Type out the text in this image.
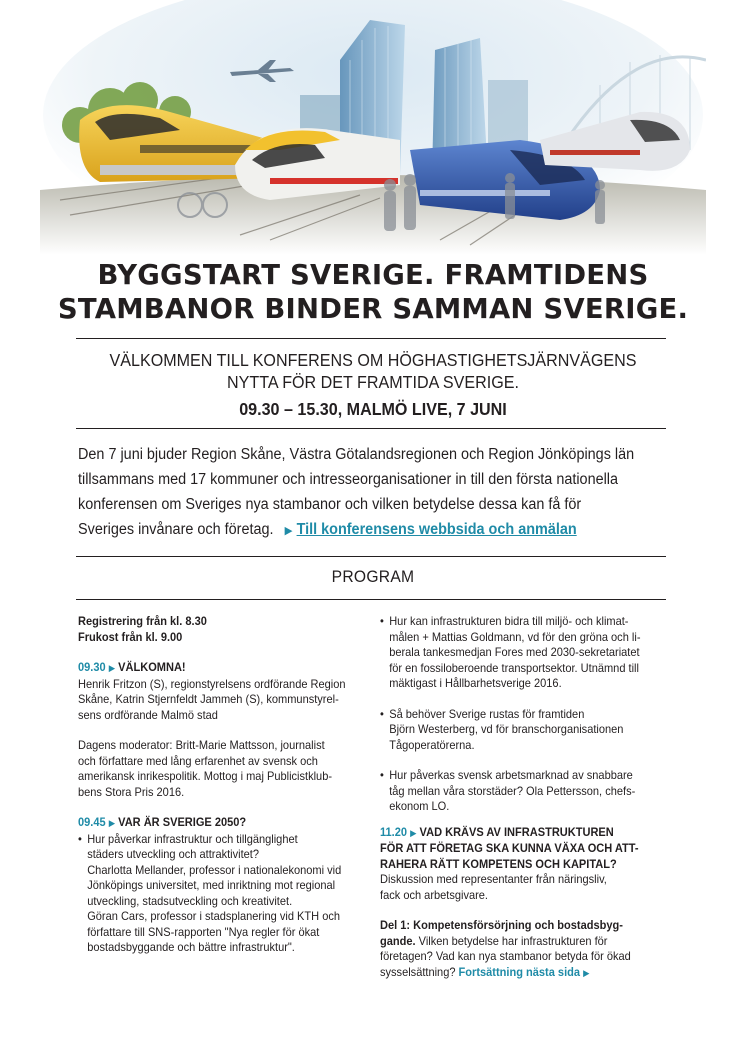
BYGGSTART SVERIGE. FRAMTIDENS
STAMBANOR BINDER SAMMAN SVERIGE.
VÄLKOMMEN TILL KONFERENS OM HÖGHASTIGHETSJÄRNVÄGENS
NYTTA FÖR DET FRAMTIDA SVERIGE.
09.30 – 15.30, MALMÖ LIVE, 7 JUNI
Den 7 juni bjuder Region Skåne, Västra Götalandsregionen och Region Jönköpings län
tillsammans med 17 kommuner och intresseorganisationer in till den första nationella
konferensen om Sveriges nya stambanor och vilken betydelse dessa kan få för
Sveriges invånare och företag. ▶ Till konferensens webbsida och anmälan
PROGRAM

Registrering från kl. 8.30

Frukost från kl. 9.00

09.30 ▶ VÄLKOMNA!

Henrik Fritzon (S), regionstyrelsens ordförande Region

Skåne, Katrin Stjernfeldt Jammeh (S), kommunstyrel-

sens ordförande Malmö stad

Dagens moderator: Britt-Marie Mattsson, journalist

och författare med lång erfarenhet av svensk och

amerikansk inrikespolitik. Mottog i maj Publicistklub-

bens Stora Pris 2016.

09.45 ▶ VAR ÄR SVERIGE 2050?

• Hur påverkar infrastruktur och tillgänglighet

städers utveckling och attraktivitet?

Charlotta Mellander, professor i nationalekonomi vid

Jönköpings universitet, med inriktning mot regional

utveckling, stadsutveckling och kreativitet.

Göran Cars, professor i stadsplanering vid KTH och

författare till SNS-rapporten "Nya regler för ökat

bostadsbyggande och bättre infrastruktur".

• Hur kan infrastrukturen bidra till miljö- och klimat-

målen + Mattias Goldmann, vd för den gröna och li-

berala tankesmedjan Fores med 2030-sekretariatet

för en fossiloberoende transportsektor. Utnämnd till

mäktigast i Hållbarhetsverige 2016.

• Så behöver Sverige rustas för framtiden

Björn Westerberg, vd för branschorganisationen

Tågoperatörerna.

• Hur påverkas svensk arbetsmarknad av snabbare

tåg mellan våra storstäder? Ola Pettersson, chefs-

ekonom LO.

11.20 ▶ VAD KRÄVS AV INFRASTRUKTUREN

FÖR ATT FÖRETAG SKA KUNNA VÄXA OCH ATT-

RAHERA RÄTT KOMPETENS OCH KAPITAL?

Diskussion med representanter från näringsliv,

fack och arbetsgivare.

Del 1: Kompetensförsörjning och bostadsbyg-

gande. Vilken betydelse har infrastrukturen för

företagen? Vad kan nya stambanor betyda för ökad

sysselsättning? Fortsättning nästa sida ▶
